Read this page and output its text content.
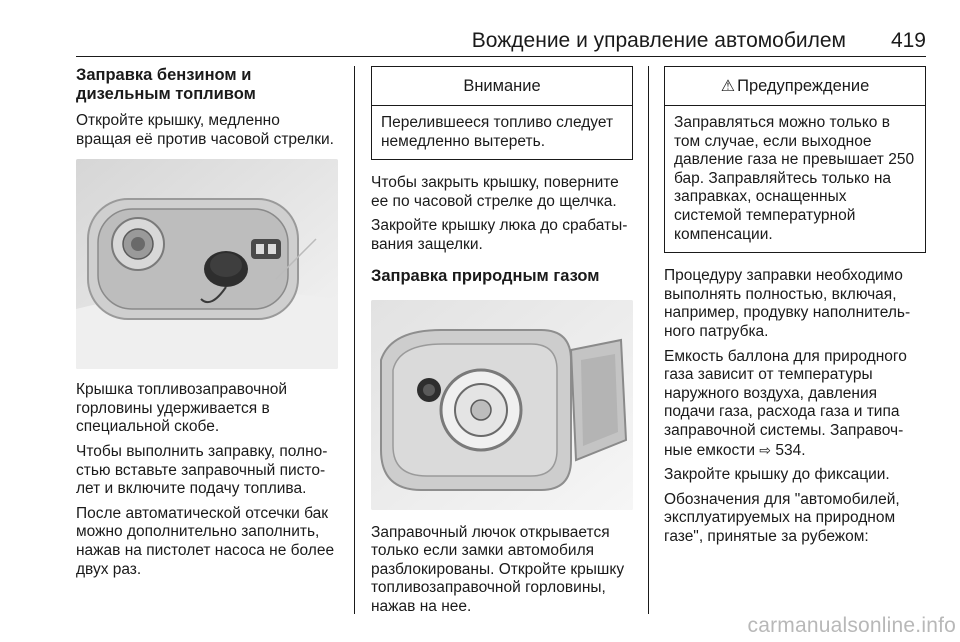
Вождение и управление автомобилем 419
Заправка бензином и дизельным топливом

Откройте крышку, медленно вращая её против часовой стрелки.

Крышка топливозаправочной горловины удерживается в специальной скобе.

Чтобы выполнить заправку, полностью вставьте заправочный пистолет и включите подачу топлива.

После автоматической отсечки бак можно дополнительно заполнить, нажав на пистолет насоса не более двух раз.

Внимание

Перелившееся топливо следует немедленно вытереть.

Чтобы закрыть крышку, поверните ее по часовой стрелке до щелчка.

Закройте крышку люка до срабатывания защелки.

Заправка природным газом

Заправочный лючок открывается только если замки автомобиля разблокированы. Откройте крышку топливозаправочной горловины, нажав на нее.

⚠ Предупреждение

Заправляться можно только в том случае, если выходное давление газа не превышает 250 бар. Заправляйтесь только на заправках, оснащенных системой температурной компенсации.

Процедуру заправки необходимо выполнять полностью, включая, например, продувку наполнительного патрубка.

Емкость баллона для природного газа зависит от температуры наружного воздуха, давления подачи газа, расхода газа и типа заправочной системы. Заправочные емкости ⇨ 534.

Закройте крышку до фиксации.

Обозначения для "автомобилей, эксплуатируемых на природном газе", принятые за рубежом:

carmanualsonline.info
